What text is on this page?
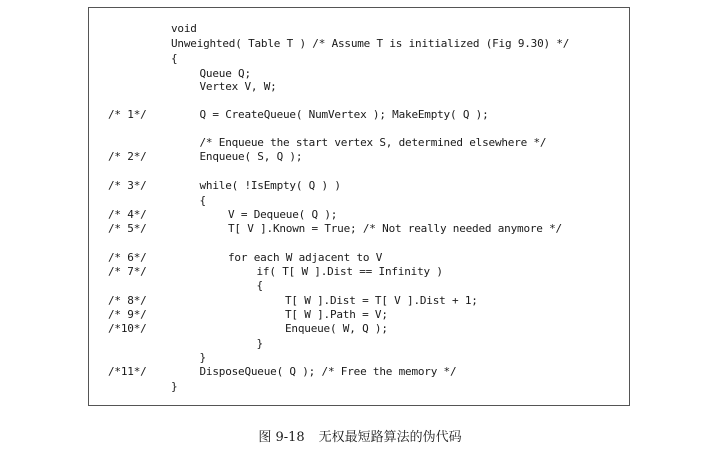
void
Unweighted( Table T ) /* Assume T is initialized (Fig 9.30) */
{
Queue Q;
Vertex V, W;
/* 1*/	Q = CreateQueue( NumVertex ); MakeEmpty( Q );
/* Enqueue the start vertex S, determined elsewhere */
/* 2*/	Enqueue( S, Q );
/* 3*/	while( !IsEmpty( Q ) )
{
/* 4*/	V = Dequeue( Q );
/* 5*/	T[ V ].Known = True; /* Not really needed anymore */
/* 6*/	for each W adjacent to V
/* 7*/	if( T[ W ].Dist == Infinity )
{
/* 8*/	T[ W ].Dist = T[ V ].Dist + 1;
/* 9*/	T[ W ].Path = V;
/*10*/	Enqueue( W, Q );
}
}
/*11*/	DisposeQueue( Q ); /* Free the memory */
}
图 9-18 无权最短路算法的伪代码
